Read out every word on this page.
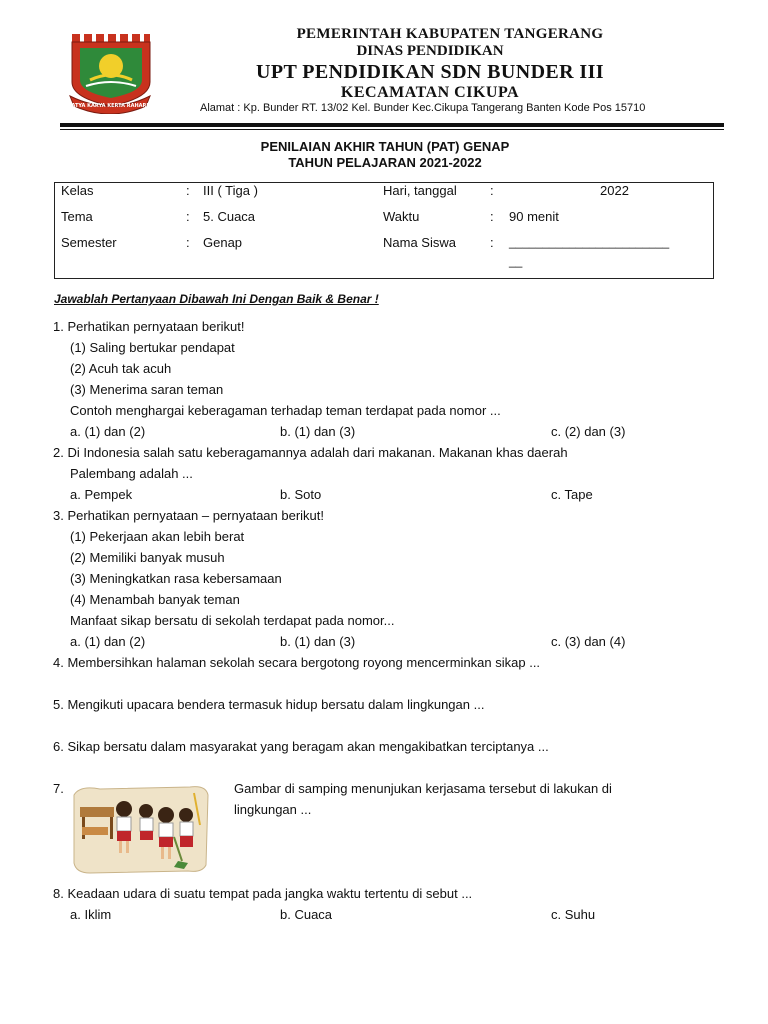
SATYA KARYA KERTA RAHARJA
PEMERINTAH KABUPATEN TANGERANG
DINAS PENDIDIKAN
UPT PENDIDIKAN SDN BUNDER III
KECAMATAN CIKUPA
Alamat : Kp. Bunder RT. 13/02 Kel. Bunder Kec.Cikupa Tangerang Banten Kode Pos 15710
PENILAIAN AKHIR TAHUN (PAT) GENAP
TAHUN PELAJARAN 2021-2022
Kelas	: III ( Tiga )
Tema	: 5. Cuaca
Semester	: Genap
Hari, tanggal	:	2022
Waktu	: 90 menit
Nama Siswa	: ________________________
__
Jawablah Pertanyaan Dibawah Ini Dengan Baik & Benar !
1. Perhatikan pernyataan berikut!
(1) Saling bertukar pendapat
(2) Acuh tak acuh
(3) Menerima saran teman
Contoh menghargai keberagaman terhadap teman terdapat pada nomor ...
a. (1) dan (2)	b. (1) dan (3)	c. (2) dan (3)
2. Di Indonesia salah satu keberagamannya adalah dari makanan. Makanan khas daerah
Palembang adalah ...
a. Pempek	b. Soto	c. Tape
3. Perhatikan pernyataan – pernyataan berikut!
(1) Pekerjaan akan lebih berat
(2) Memiliki banyak musuh
(3) Meningkatkan rasa kebersamaan
(4) Menambah banyak teman
Manfaat sikap bersatu di sekolah terdapat pada nomor...
a. (1) dan (2)	b. (1) dan (3)	c. (3) dan (4)
4. Membersihkan halaman sekolah secara bergotong royong mencerminkan sikap ...
5. Mengikuti upacara bendera termasuk hidup bersatu dalam lingkungan ...
6. Sikap bersatu dalam masyarakat yang beragam akan mengakibatkan terciptanya ...
7.	Gambar di samping menunjukan kerjasama tersebut di lakukan di
lingkungan ...
8. Keadaan udara di suatu tempat pada jangka waktu tertentu di sebut ...
a. Iklim	b. Cuaca	c. Suhu
